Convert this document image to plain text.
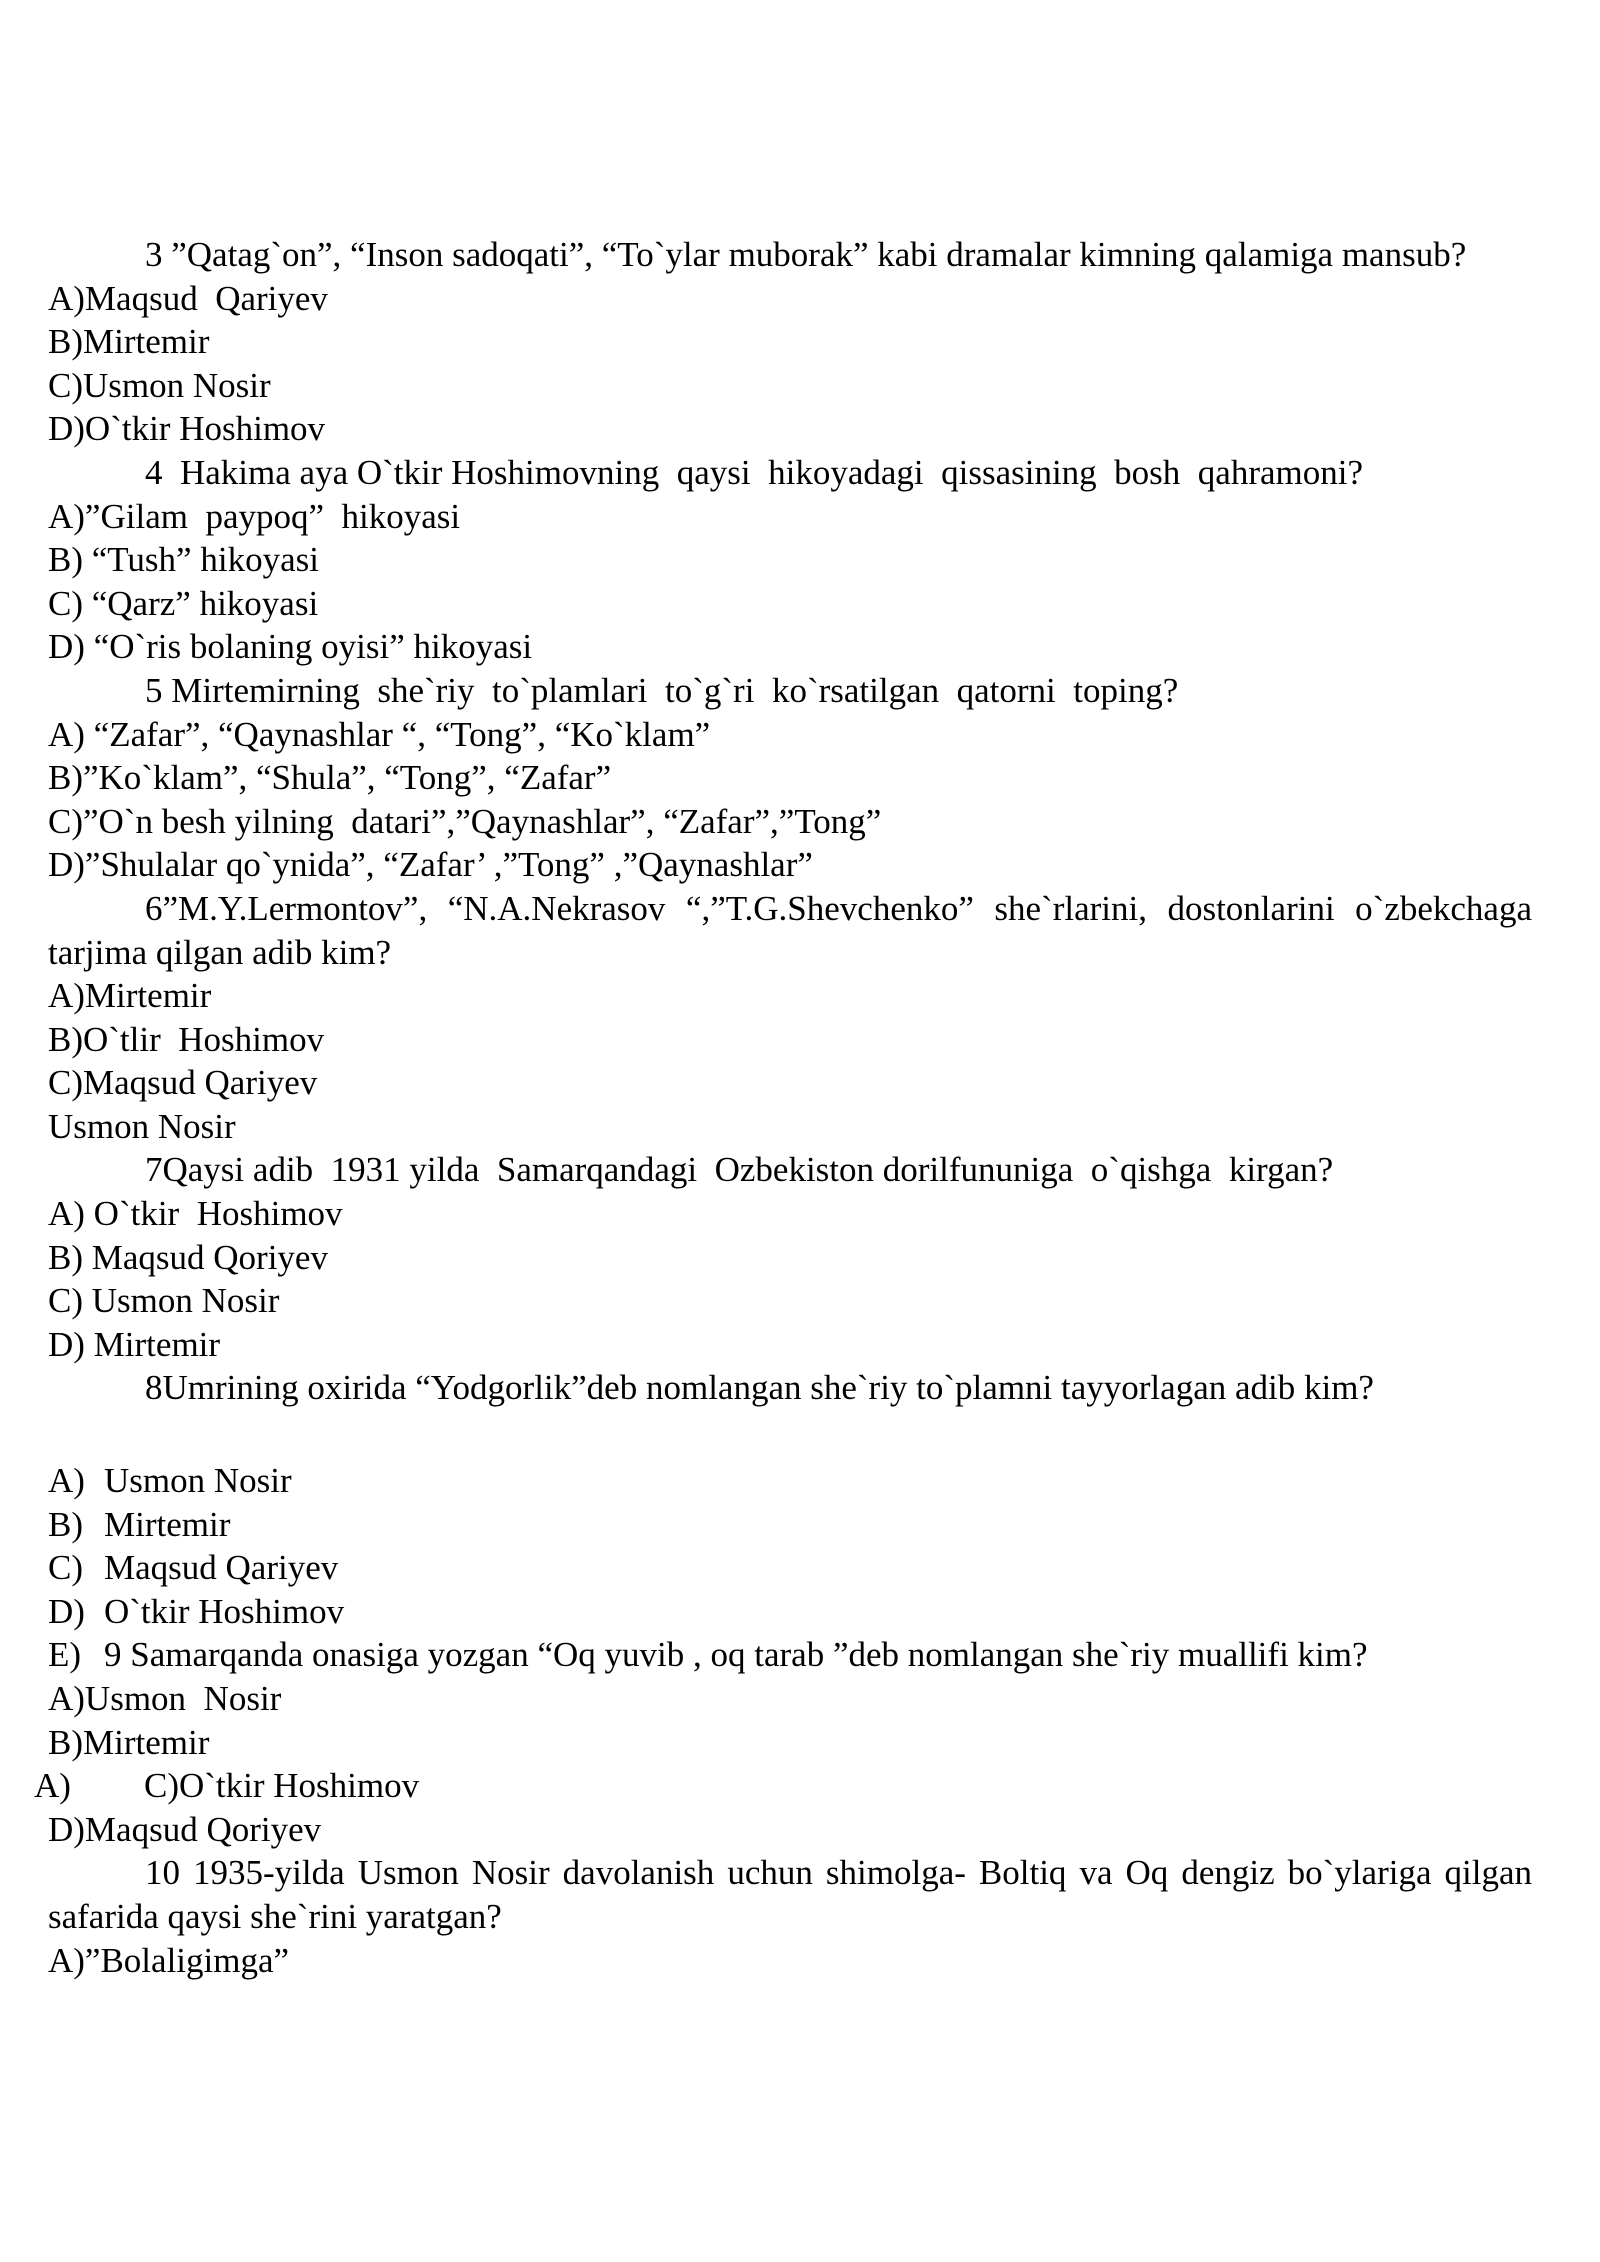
3 ”Qatag`on”, “Inson sadoqati”, “To`ylar muborak” kabi dramalar kimning qalamiga mansub?
A)Maqsud  Qariyev
B)Mirtemir
C)Usmon Nosir
D)O`tkir Hoshimov
4  Hakima aya O`tkir Hoshimovning  qaysi  hikoyadagi  qissasining  bosh  qahramoni?
A)”Gilam  paypoq”  hikoyasi
B) “Tush” hikoyasi
C) “Qarz” hikoyasi
D) “O`ris bolaning oyisi” hikoyasi
5 Mirtemirning  she`riy  to`plamlari  to`g`ri  ko`rsatilgan  qatorni  toping?
A) “Zafar”, “Qaynashlar “, “Tong”, “Ko`klam”
B)”Ko`klam”, “Shula”, “Tong”, “Zafar”
C)”O`n besh yilning  datari”,”Qaynashlar”, “Zafar”,”Tong”
D)”Shulalar qo`ynida”, “Zafar’ ,”Tong” ,”Qaynashlar”
6”M.Y.Lermontov”, “N.A.Nekrasov “,”T.G.Shevchenko” she`rlarini, dostonlarini o`zbekchaga tarjima qilgan adib kim?
A)Mirtemir
B)O`tlir  Hoshimov
C)Maqsud Qariyev
Usmon Nosir
7Qaysi adib  1931 yilda  Samarqandagi  Ozbekiston dorilfununiga  o`qishga  kirgan?
A) O`tkir  Hoshimov
B) Maqsud Qoriyev
C) Usmon Nosir
D) Mirtemir
8Umrining oxirida “Yodgorlik”deb nomlangan she`riy to`plamni tayyorlagan adib kim?
A) Usmon Nosir
B) Mirtemir
C) Maqsud Qariyev
D) O`tkir Hoshimov
E) 9 Samarqanda onasiga yozgan “Oq yuvib , oq tarab ”deb nomlangan she`riy muallifi kim?
A)Usmon  Nosir
B)Mirtemir
A)	C)O`tkir Hoshimov
D)Maqsud Qoriyev
10 1935-yilda Usmon Nosir davolanish uchun shimolga- Boltiq va Oq dengiz bo`ylariga qilgan safarida qaysi she`rini yaratgan?
A)”Bolaligimga”
